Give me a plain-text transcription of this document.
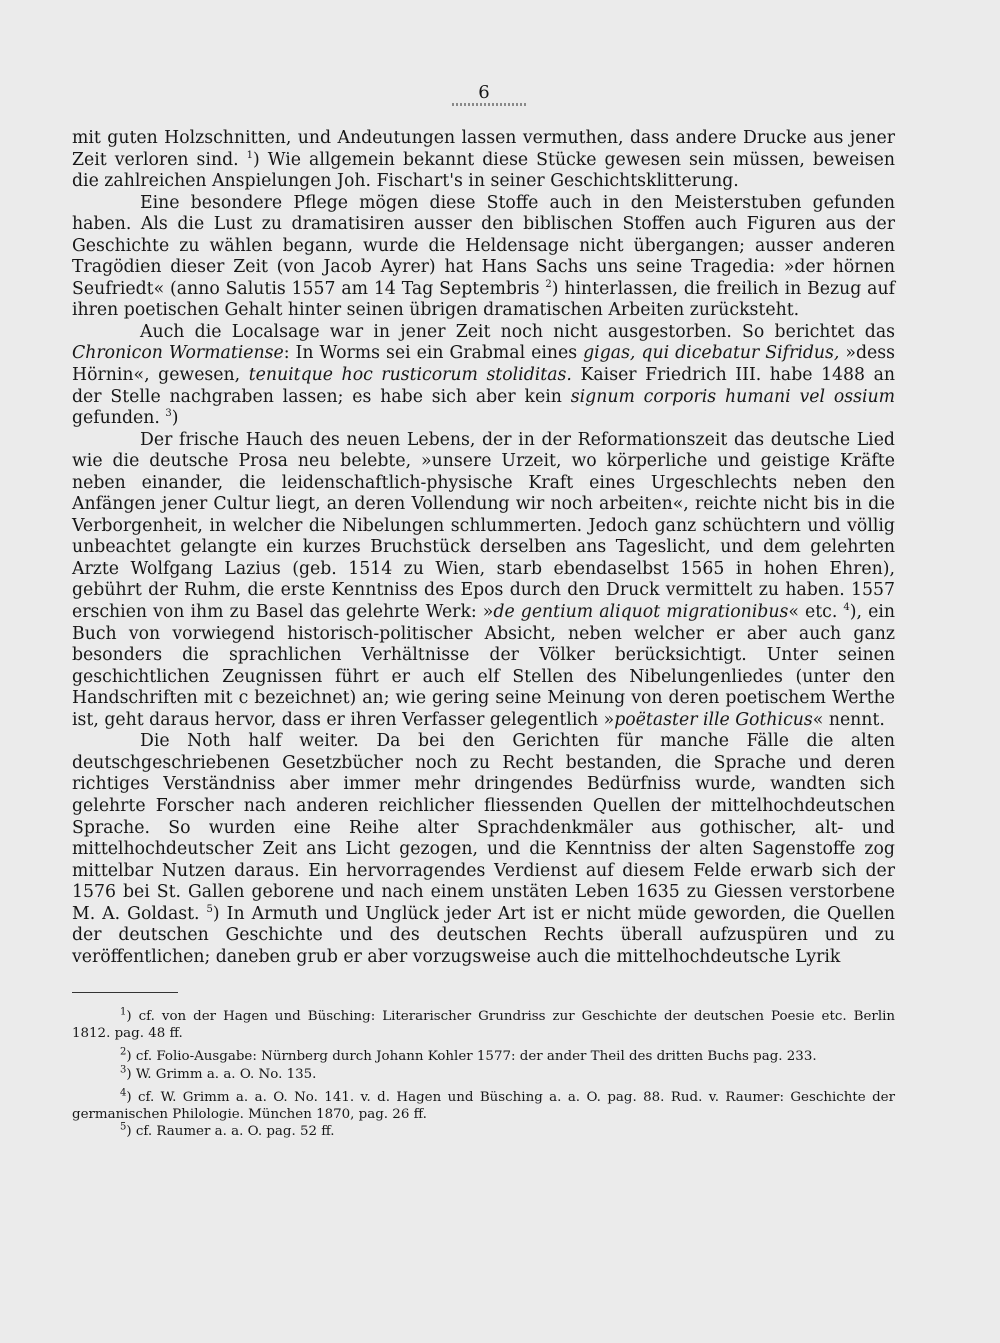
6

mit guten Holzschnitten, und Andeutungen lassen vermuthen, dass andere Drucke aus jener Zeit verloren sind. $^1$) Wie allgemein bekannt diese Stücke gewesen sein müssen, beweisen die zahlreichen Anspielungen Joh. Fischart's in seiner Geschichtsklitterung.

Eine besondere Pflege mögen diese Stoffe auch in den Meisterstuben gefunden haben. Als die Lust zu dramatisiren ausser den biblischen Stoffen auch Figuren aus der Geschichte zu wählen begann, wurde die Heldensage nicht übergangen; ausser anderen Tragödien dieser Zeit (von Jacob Ayrer) hat Hans Sachs uns seine Tragedia: »der hörnen Seufriedt« (anno Salutis 1557 am 14 Tag Septembris $^2$) hinterlassen, die freilich in Bezug auf ihren poetischen Gehalt hinter seinen übrigen dramatischen Arbeiten zurücksteht.

Auch die Localsage war in jener Zeit noch nicht ausgestorben. So berichtet das Chronicon Wormatiense: In Worms sei ein Grabmal eines gigas, qui dicebatur Sifridus, »dess Hörnin«, gewesen, tenuitque hoc rusticorum stoliditas. Kaiser Friedrich III. habe 1488 an der Stelle nachgraben lassen; es habe sich aber kein signum corporis humani vel ossium gefunden. $^3$)

Der frische Hauch des neuen Lebens, der in der Reformationszeit das deutsche Lied wie die deutsche Prosa neu belebte, »unsere Urzeit, wo körperliche und geistige Kräfte neben einander, die leidenschaftlich-physische Kraft eines Urgeschlechts neben den Anfängen jener Cultur liegt, an deren Vollendung wir noch arbeiten«, reichte nicht bis in die Verborgenheit, in welcher die Nibelungen schlummerten. Jedoch ganz schüchtern und völlig unbeachtet gelangte ein kurzes Bruchstück derselben ans Tageslicht, und dem gelehrten Arzte Wolfgang Lazius (geb. 1514 zu Wien, starb ebendaselbst 1565 in hohen Ehren), gebührt der Ruhm, die erste Kenntniss des Epos durch den Druck vermittelt zu haben. 1557 erschien von ihm zu Basel das gelehrte Werk: »de gentium aliquot migrationibus« etc. $^4$), ein Buch von vorwiegend historisch-politischer Absicht, neben welcher er aber auch ganz besonders die sprachlichen Verhältnisse der Völker berücksichtigt. Unter seinen geschichtlichen Zeugnissen führt er auch elf Stellen des Nibelungenliedes (unter den Handschriften mit c bezeichnet) an; wie gering seine Meinung von deren poetischem Werthe ist, geht daraus hervor, dass er ihren Verfasser gelegentlich »poëtaster ille Gothicus« nennt.

Die Noth half weiter. Da bei den Gerichten für manche Fälle die alten deutschgeschriebenen Gesetzbücher noch zu Recht bestanden, die Sprache und deren richtiges Verständniss aber immer mehr dringendes Bedürfniss wurde, wandten sich gelehrte Forscher nach anderen reichlicher fliessenden Quellen der mittelhochdeutschen Sprache. So wurden eine Reihe alter Sprachdenkmäler aus gothischer, alt- und mittelhochdeutscher Zeit ans Licht gezogen, und die Kenntniss der alten Sagenstoffe zog mittelbar Nutzen daraus. Ein hervorragendes Verdienst auf diesem Felde erwarb sich der 1576 bei St. Gallen geborene und nach einem unstäten Leben 1635 zu Giessen verstorbene M. A. Goldast. $^5$) In Armuth und Unglück jeder Art ist er nicht müde geworden, die Quellen der deutschen Geschichte und des deutschen Rechts überall aufzuspüren und zu veröffentlichen; daneben grub er aber vorzugsweise auch die mittelhochdeutsche Lyrik

$^1$) cf. von der Hagen und Büsching: Literarischer Grundriss zur Geschichte der deutschen Poesie etc. Berlin 1812. pag. 48 ff.

$^2$) cf. Folio-Ausgabe: Nürnberg durch Johann Kohler 1577: der ander Theil des dritten Buchs pag. 233.

$^3$) W. Grimm a. a. O. No. 135.

$^4$) cf. W. Grimm a. a. O. No. 141. v. d. Hagen und Büsching a. a. O. pag. 88. Rud. v. Raumer: Geschichte der germanischen Philologie. München 1870, pag. 26 ff.

$^5$) cf. Raumer a. a. O. pag. 52 ff.
